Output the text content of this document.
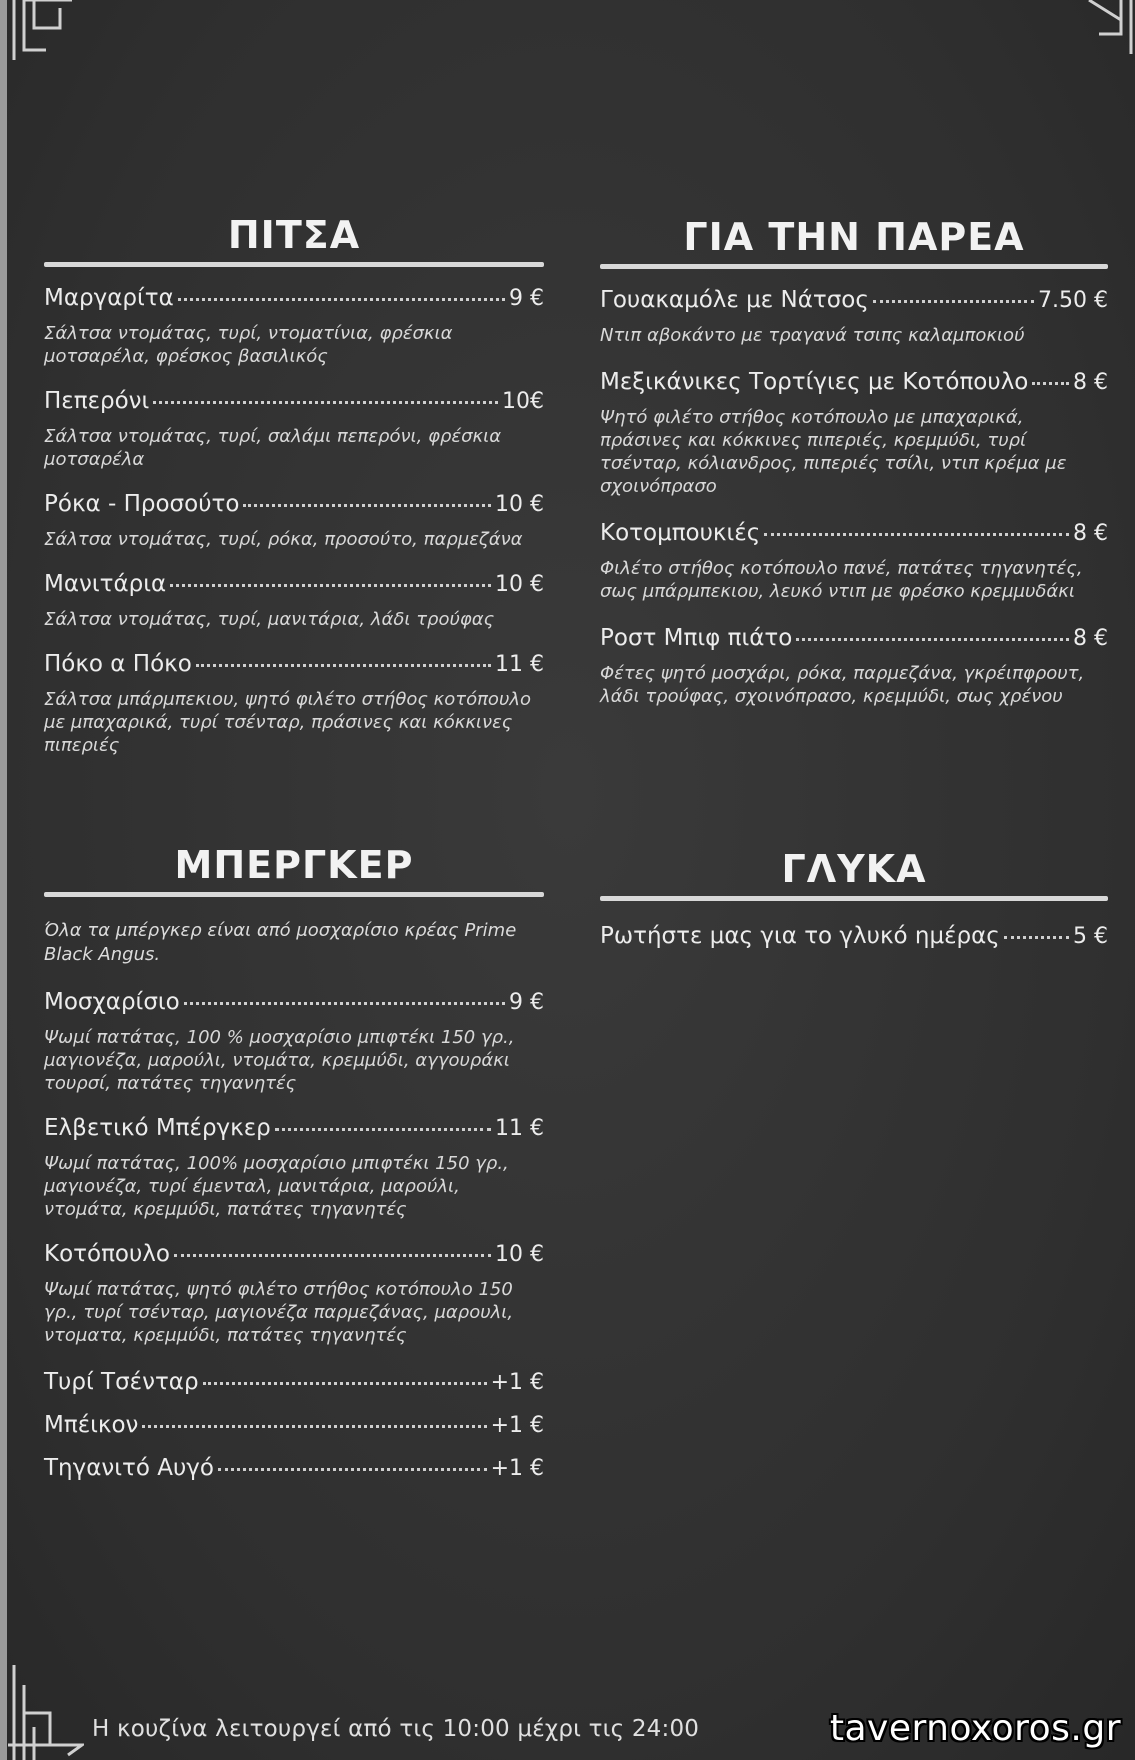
ΠΙΤΣΑ
Μαργαρίτα	9 €
Σάλτσα ντομάτας, τυρί, ντοματίνια, φρέσκια μοτσαρέλα, φρέσκος βασιλικός
Πεπερόνι	10€
Σάλτσα ντομάτας, τυρί, σαλάμι πεπερόνι, φρέσκια μοτσαρέλα
Ρόκα - Προσούτο	10 €
Σάλτσα ντομάτας, τυρί, ρόκα, προσούτο, παρμεζάνα
Μανιτάρια	10 €
Σάλτσα ντομάτας, τυρί, μανιτάρια, λάδι τρούφας
Πόκο α Πόκο	11 €
Σάλτσα μπάρμπεκιου, ψητό φιλέτο στήθος κοτόπουλο με μπαχαρικά, τυρί τσένταρ, πράσινες και κόκκινες πιπεριές
ΜΠΕΡΓΚΕΡ
Όλα τα μπέργκερ είναι από μοσχαρίσιο κρέας Prime Black Angus.
Μοσχαρίσιο	9 €
Ψωμί πατάτας, 100 % μοσχαρίσιο μπιφτέκι 150 γρ., μαγιονέζα, μαρούλι, ντομάτα, κρεμμύδι, αγγουράκι τουρσί, πατάτες τηγανητές
Ελβετικό Μπέργκερ	11 €
Ψωμί πατάτας, 100% μοσχαρίσιο μπιφτέκι 150 γρ., μαγιονέζα, τυρί έμενταλ, μανιτάρια, μαρούλι, ντομάτα, κρεμμύδι, πατάτες τηγανητές
Κοτόπουλο	10 €
Ψωμί πατάτας, ψητό φιλέτο στήθος κοτόπουλο 150 γρ., τυρί τσένταρ, μαγιονέζα παρμεζάνας, μαρουλι, ντοματα, κρεμμύδι, πατάτες τηγανητές
Τυρί Τσένταρ	+1 €
Μπέικον	+1 €
Τηγανιτό Αυγό	+1 €
ΓΙΑ ΤΗΝ ΠΑΡΕΑ
Γουακαμόλε με Νάτσος	7.50 €
Ντιπ αβοκάντο με τραγανά τσιπς καλαμποκιού
Μεξικάνικες Τορτίγιες με Κοτόπουλο 8 €
Ψητό φιλέτο στήθος κοτόπουλο με μπαχαρικά, πράσινες και κόκκινες πιπεριές, κρεμμύδι, τυρί τσένταρ, κόλιανδρος, πιπεριές τσίλι, ντιπ κρέμα με σχοινόπρασο
Κοτομπουκιές	8 €
Φιλέτο στήθος κοτόπουλο πανέ, πατάτες τηγανητές, σως μπάρμπεκιου, λευκό ντιπ με φρέσκο κρεμμυδάκι
Ροστ Μπιφ πιάτο	8 €
Φέτες ψητό μοσχάρι, ρόκα, παρμεζάνα, γκρέιπφρουτ, λάδι τρούφας, σχοινόπρασο, κρεμμύδι, σως χρένου
ΓΛΥΚΑ
Ρωτήστε μας για το γλυκό ημέρας	5 €
Η κουζίνα λειτουργεί από τις 10:00 μέχρι τις 24:00	tavernoxoros.gr
